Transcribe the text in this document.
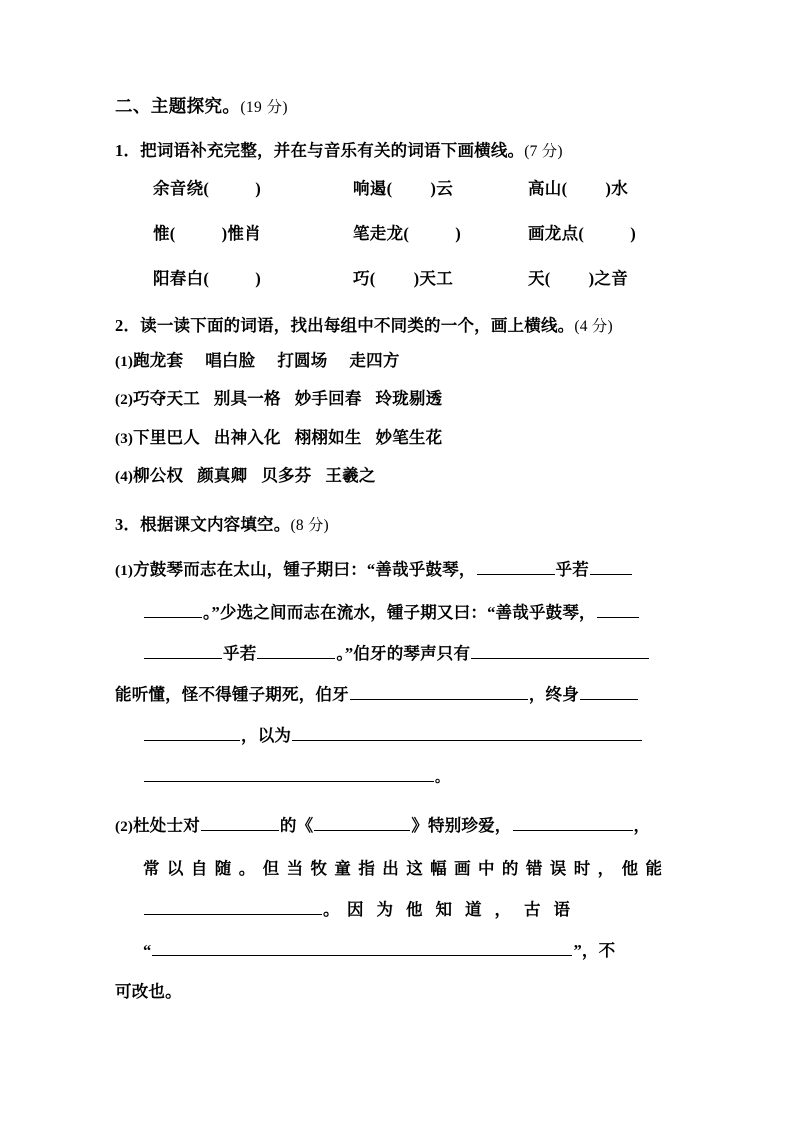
二、主题探究。(19 分)
1．把词语补充完整，并在与音乐有关的词语下画横线。(7 分)
余音绕( )	响遏( )云	高山( )水
惟( )惟肖	笔走龙( )	画龙点( )
阳春白( )	巧( )天工	天( )之音
2．读一读下面的词语，找出每组中不同类的一个，画上横线。(4 分)
(1)跑龙套 唱白脸 打圆场 走四方
(2)巧夺天工 别具一格 妙手回春 玲珑剔透
(3)下里巴人 出神入化 栩栩如生 妙笔生花
(4)柳公权 颜真卿 贝多芬 王羲之
3．根据课文内容填空。(8 分)
(1)方鼓琴而志在太山，锺子期曰：“善哉乎鼓琴，	乎若
。”少选之间而志在流水，锺子期又曰：“善哉乎鼓琴，
乎若	。”伯牙的琴声只有
能听懂，怪不得锺子期死，伯牙	，终身
，以为
。
(2)杜处士对	的《	》特别珍爱，	，
常以自随。但当牧童指出这幅画中的错误时，他能
。因为他知道，古语
“	”，不
可改也。
